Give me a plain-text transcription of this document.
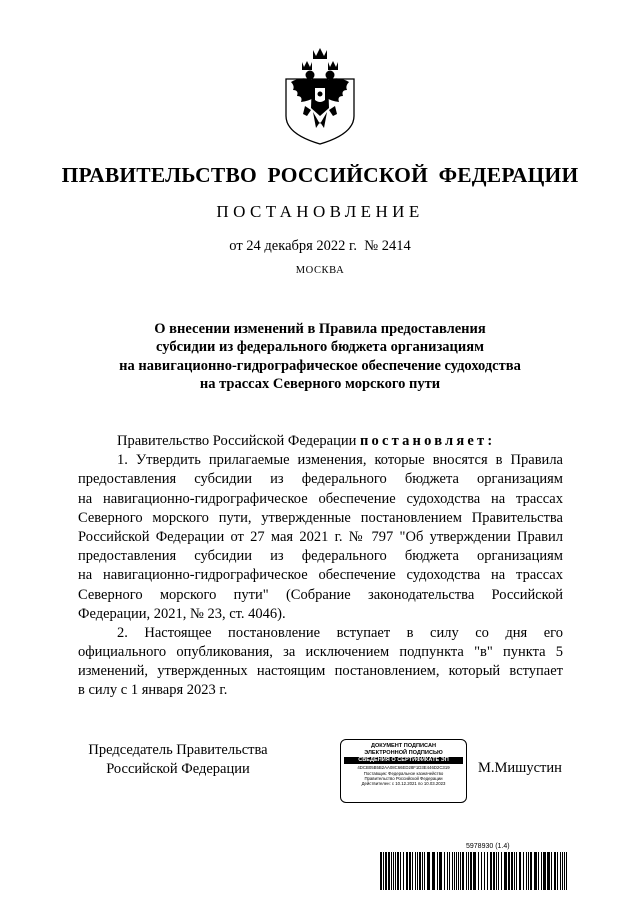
ПРАВИТЕЛЬСТВО РОССИЙСКОЙ ФЕДЕРАЦИИ
ПОСТАНОВЛЕНИЕ
от 24 декабря 2022 г.  № 2414
МОСКВА
О внесении изменений в Правила предоставления
субсидии из федерального бюджета организациям
на навигационно-гидрографическое обеспечение судоходства
на трассах Северного морского пути
Правительство Российской Федерации постановляет:
1. Утвердить прилагаемые изменения, которые вносятся в Правила
предоставления субсидии из федерального бюджета организациям
на навигационно-гидрографическое обеспечение судоходства на трассах
Северного морского пути, утвержденные постановлением Правительства
Российской Федерации от 27 мая 2021 г. № 797 "Об утверждении Правил
предоставления субсидии из федерального бюджета организациям
на навигационно-гидрографическое обеспечение судоходства на трассах
Северного морского пути" (Собрание законодательства Российской
Федерации, 2021, № 23, ст. 4046).
2. Настоящее постановление вступает в силу со дня его
официального опубликования, за исключением подпункта "в" пункта 5
изменений, утвержденных настоящим постановлением, который вступает
в силу с 1 января 2023 г.
Председатель Правительства
Российской Федерации
ДОКУМЕНТ ПОДПИСАН
ЭЛЕКТРОННОЙ ПОДПИСЬЮ
СВЕДЕНИЯ О СЕРТИФИКАТЕ ЭП
4DCB05B5B2AA08C66ED28F1D3E446D2C319
Поставщик: Федеральное казначейство
Правительство Российской Федерации
Действителен: с 10.12.2021 по 10.03.2023
М.Мишустин
5978930 (1.4)
